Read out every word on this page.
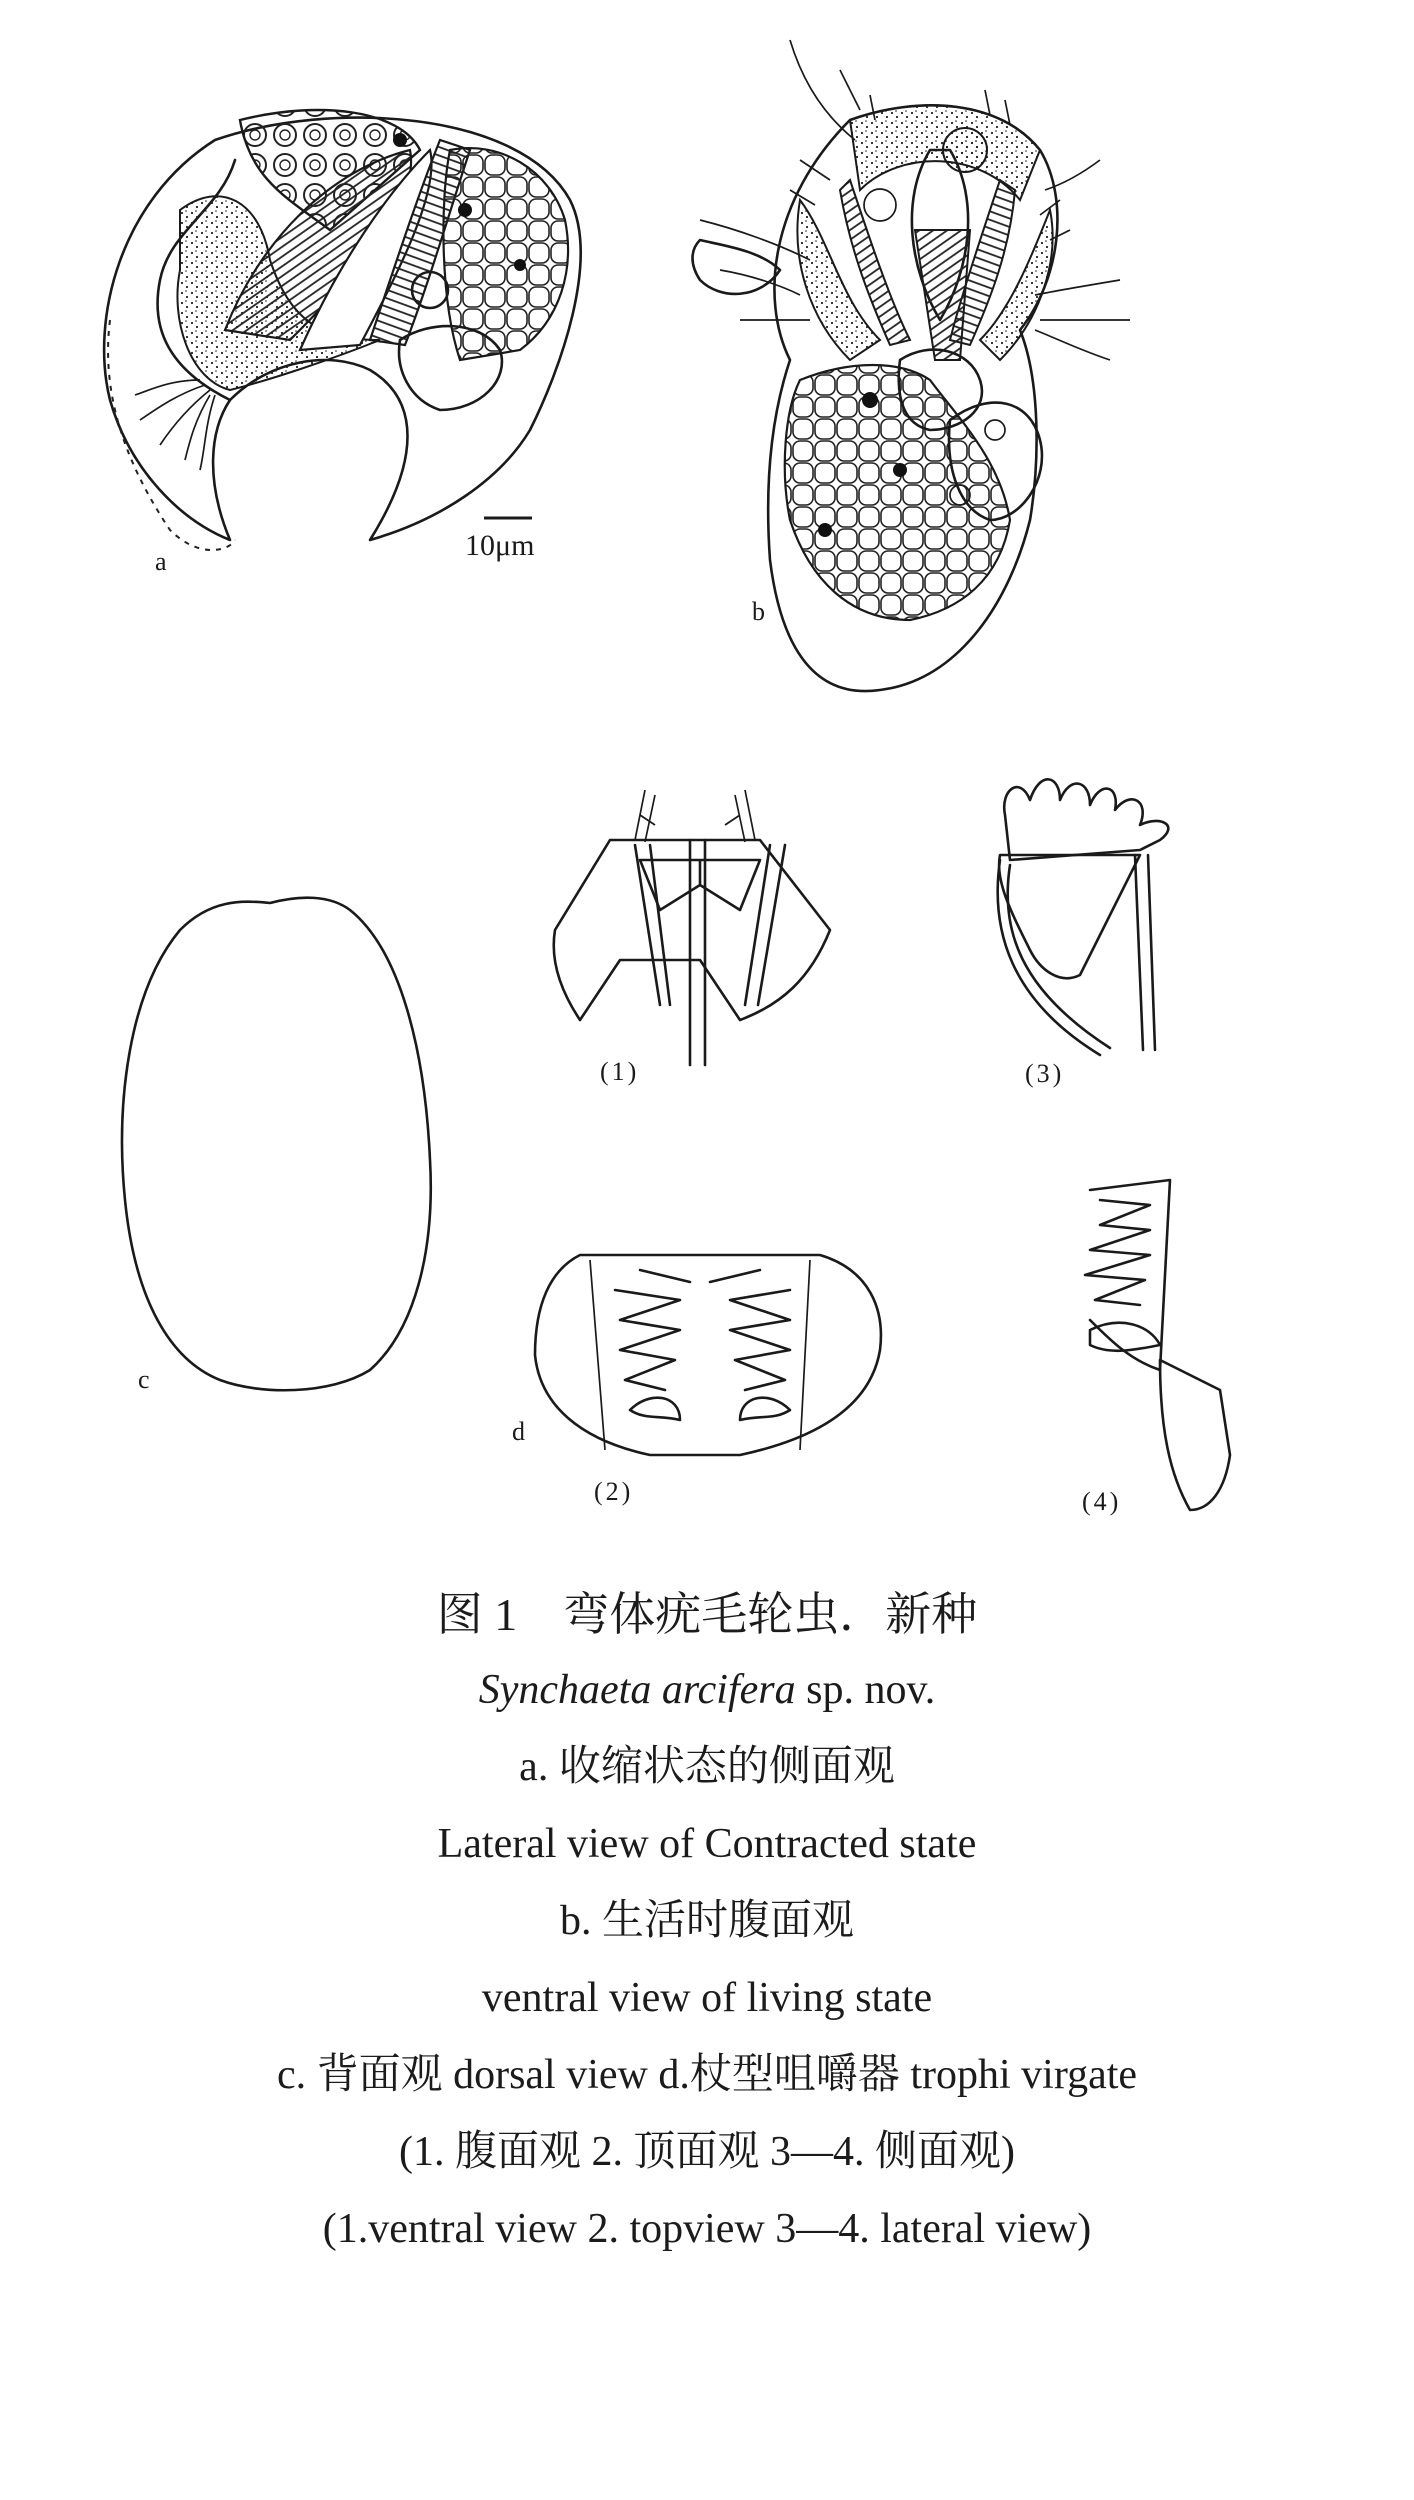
10μm
a
b
c
(1)	(3)
d
(2)	(4)
图 1　弯体疣毛轮虫．新种
Synchaeta arcifera sp. nov.
a. 收缩状态的侧面观
Lateral view of Contracted state
b. 生活时腹面观
ventral view of living state
c. 背面观 dorsal view d.杖型咀嚼器 trophi virgate
(1. 腹面观 2. 顶面观 3—4. 侧面观)
(1.ventral view 2. topview 3—4. lateral view)
